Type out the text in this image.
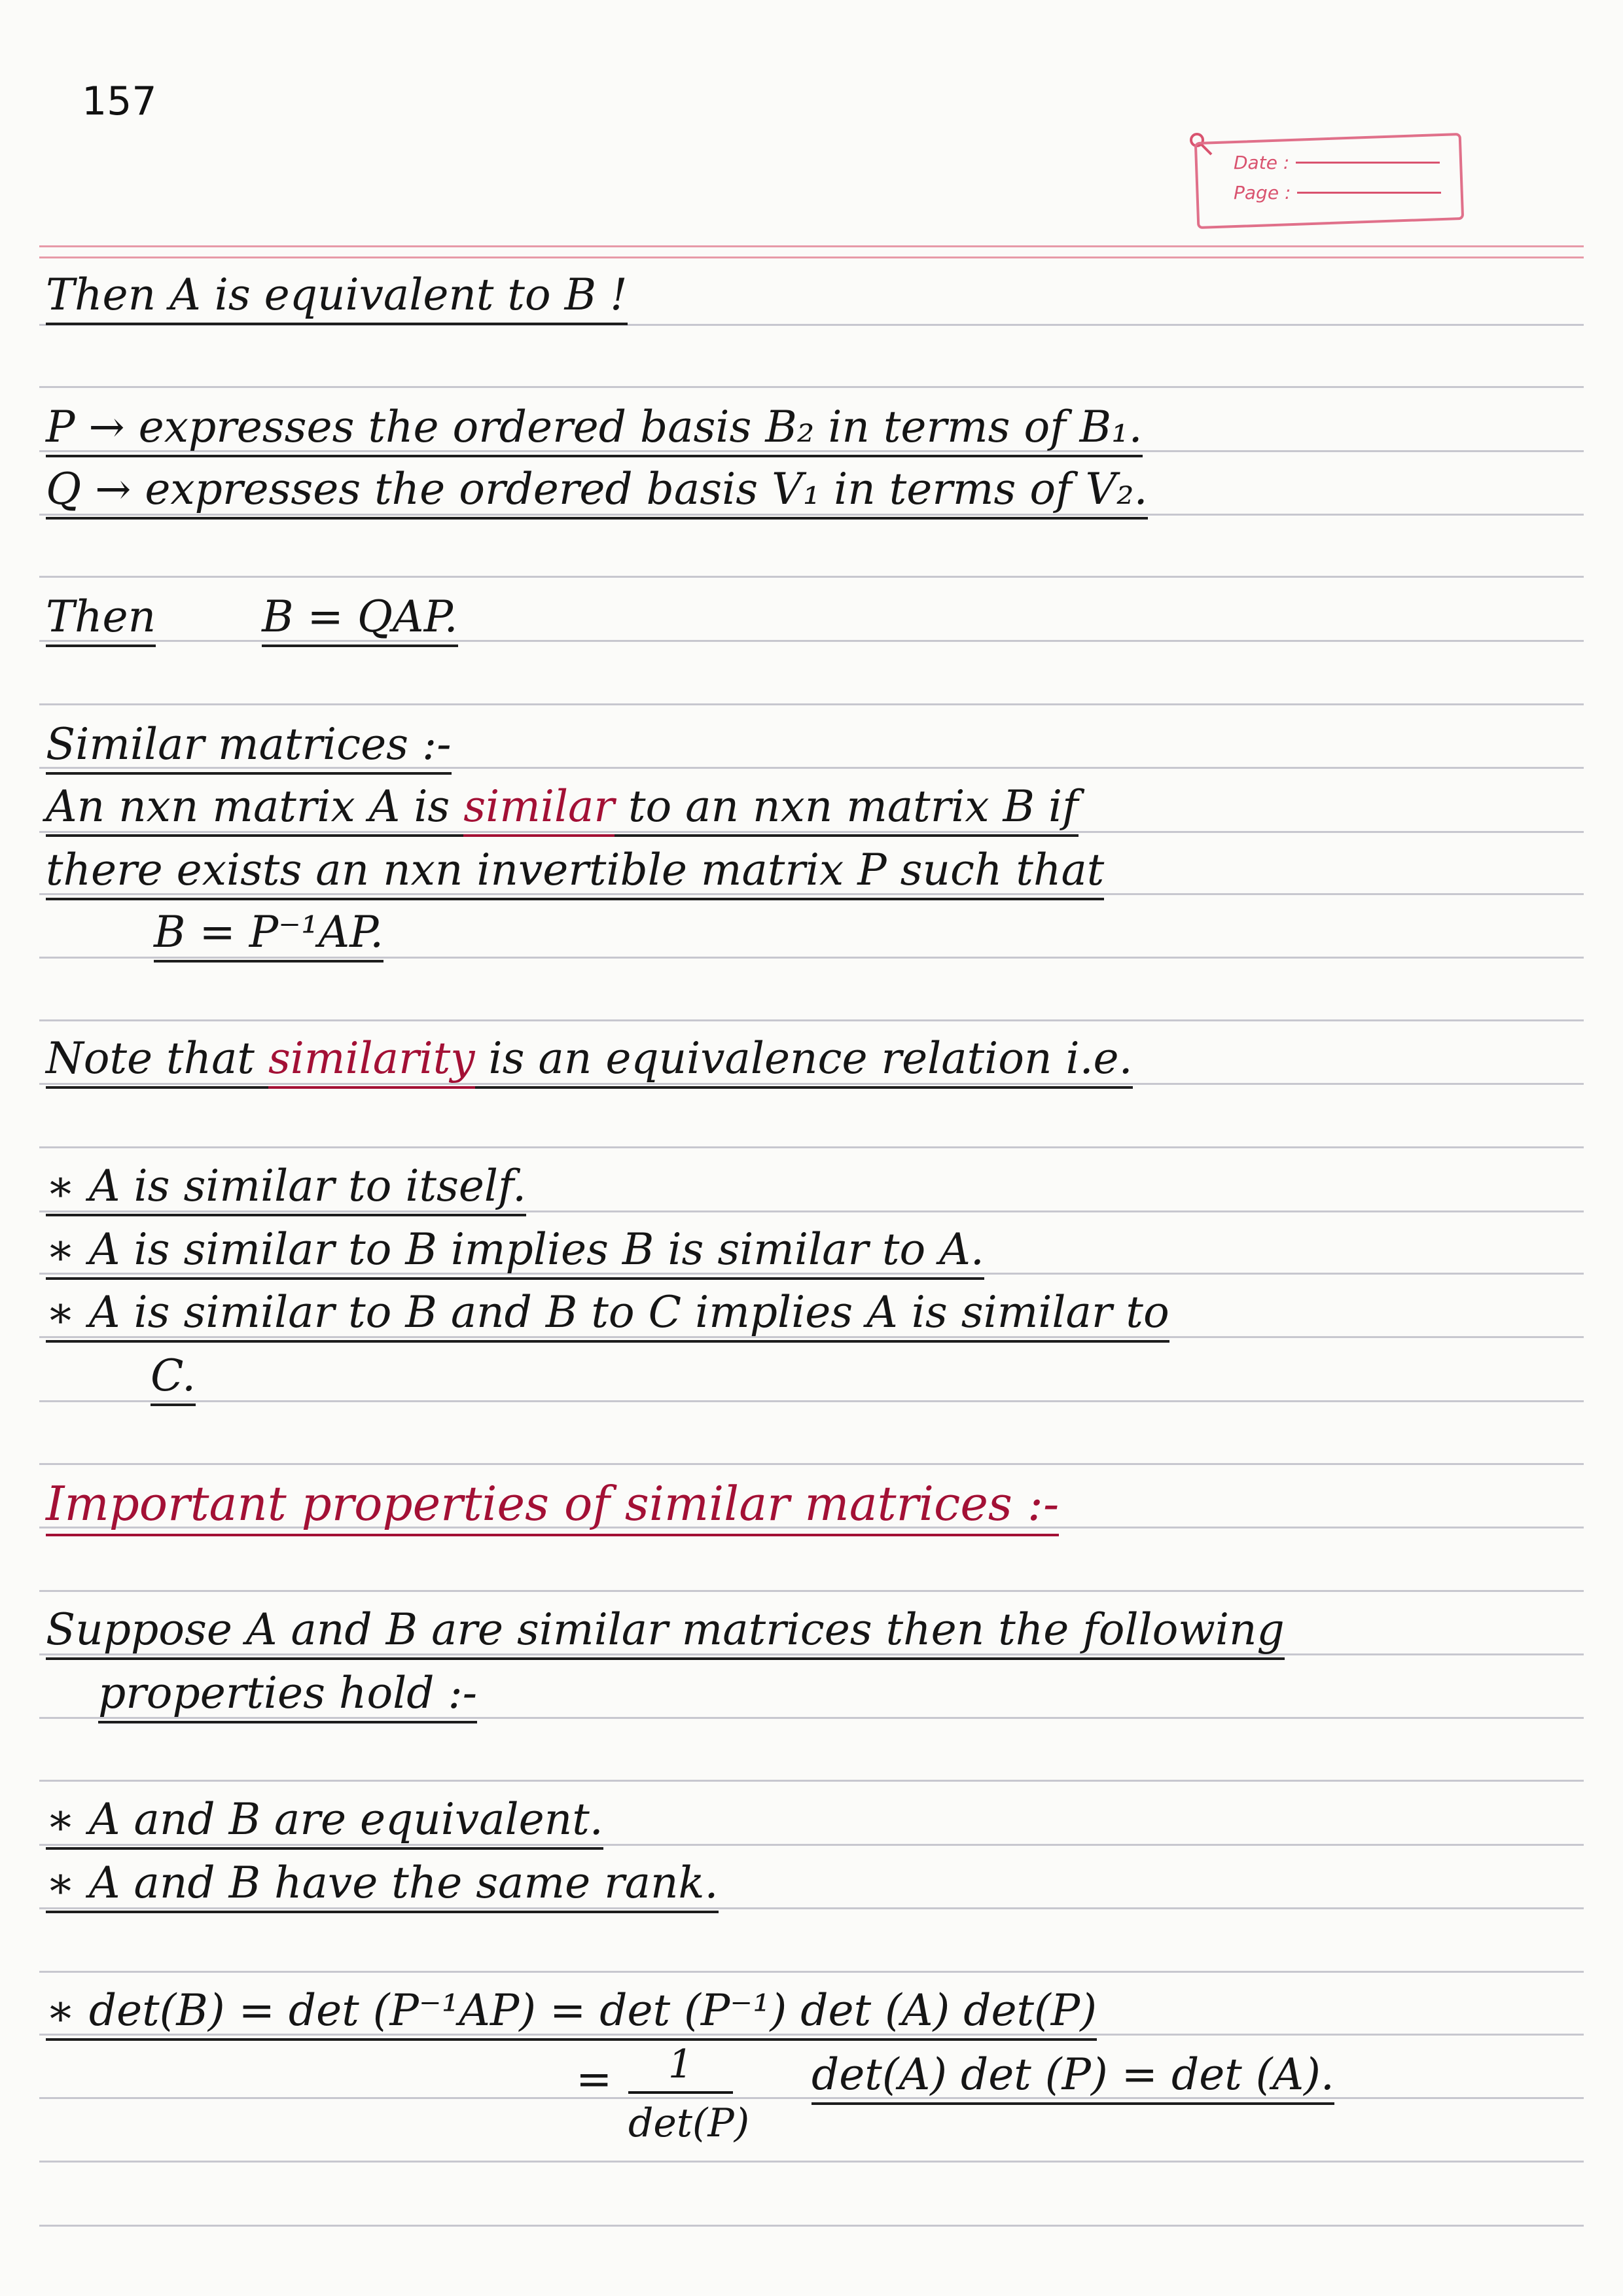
157
Date :
Page :
Then A is equivalent to B !
P → expresses the ordered basis B₂ in terms of B₁.
Q → expresses the ordered basis V₁ in terms of V₂.
Then B = QAP.
Similar matrices :-
An nxn matrix A is similar to an nxn matrix B if
there exists an nxn invertible matrix P such that
B = P⁻¹AP.
Note that similarity is an equivalence relation i.e.
∗ A is similar to itself.
∗ A is similar to B implies B is similar to A.
∗ A is similar to B and B to C implies A is similar to
C.
Important properties of similar matrices :-
Suppose A and B are similar matrices then the following
properties hold :-
∗ A and B are equivalent.
∗ A and B have the same rank.
∗ det(B) = det (P⁻¹AP) = det (P⁻¹) det (A) det(P)
=	1
det(P)
det(A) det (P) = det (A).
